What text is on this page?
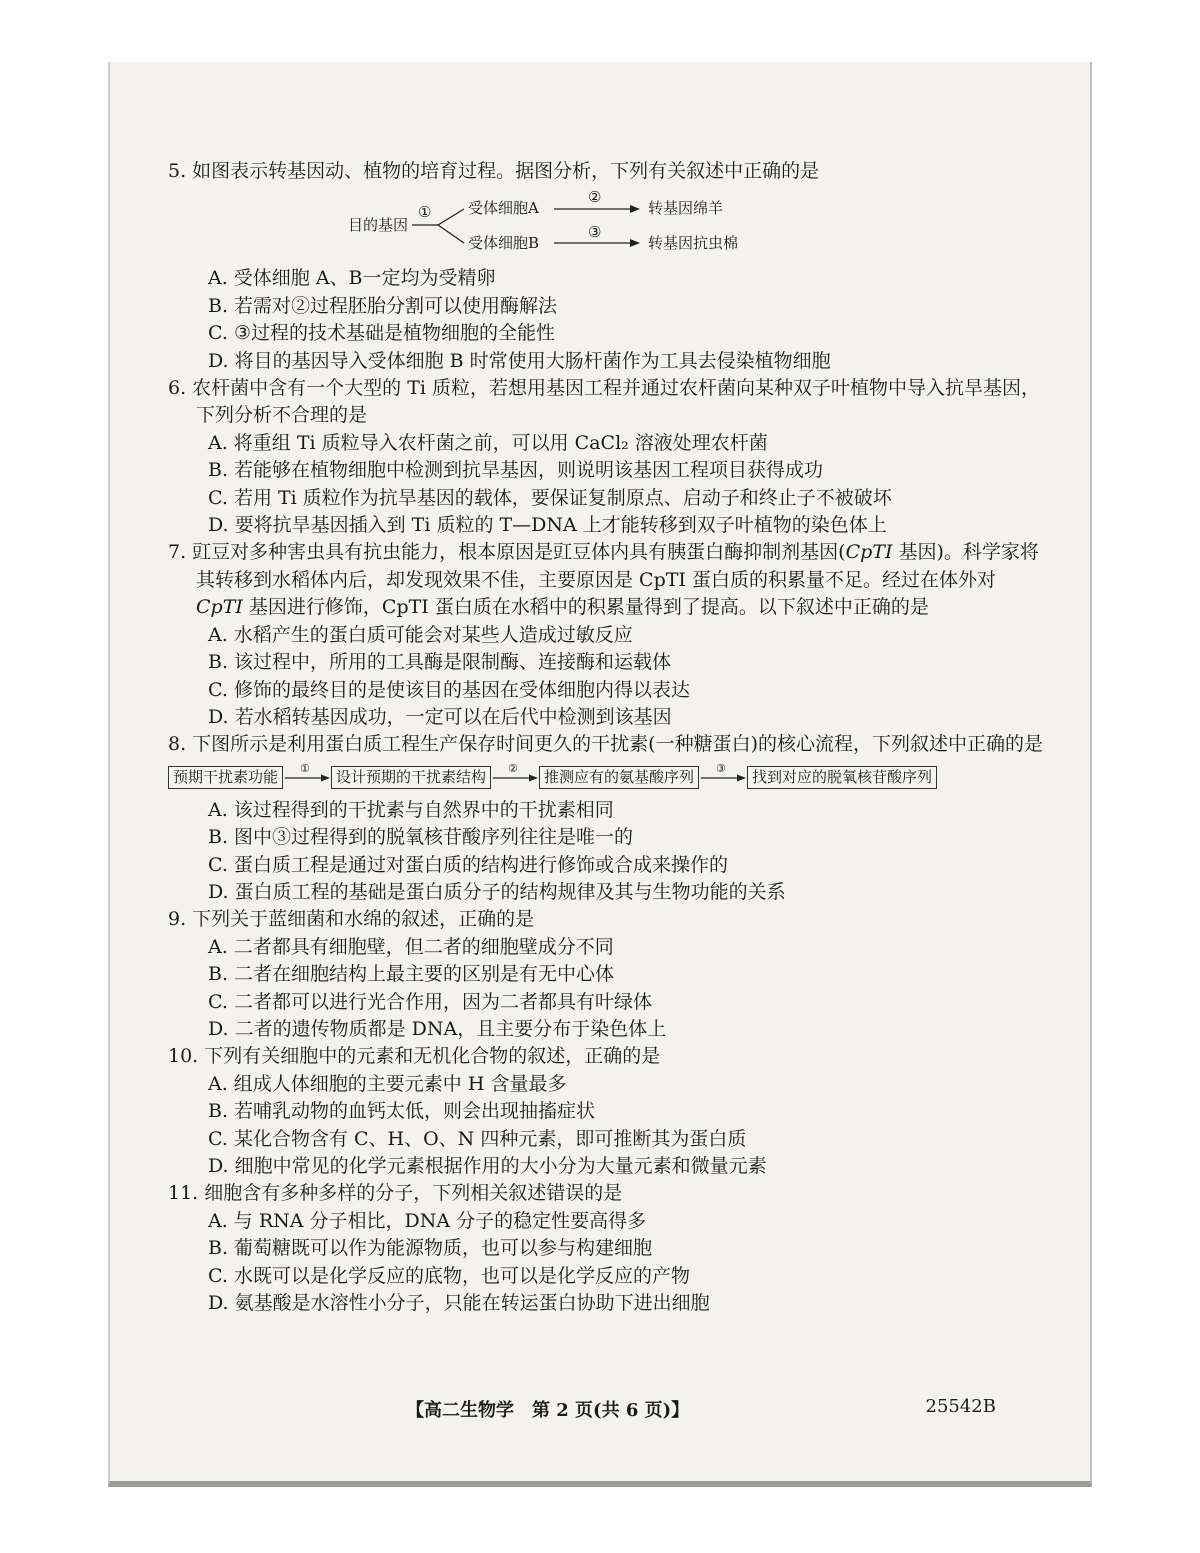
5. 如图表示转基因动、植物的培育过程。据图分析，下列有关叙述中正确的是

目的基因
① 受体细胞A
②
转基因绵羊
受体细胞B
③
转基因抗虫棉

A. 受体细胞 A、B一定均为受精卵

B. 若需对②过程胚胎分割可以使用酶解法

C. ③过程的技术基础是植物细胞的全能性

D. 将目的基因导入受体细胞 B 时常使用大肠杆菌作为工具去侵染植物细胞

6. 农杆菌中含有一个大型的 Ti 质粒，若想用基因工程并通过农杆菌向某种双子叶植物中导入抗旱基因，下列分析不合理的是

A. 将重组 Ti 质粒导入农杆菌之前，可以用 CaCl₂ 溶液处理农杆菌

B. 若能够在植物细胞中检测到抗旱基因，则说明该基因工程项目获得成功

C. 若用 Ti 质粒作为抗旱基因的载体，要保证复制原点、启动子和终止子不被破坏

D. 要将抗旱基因插入到 Ti 质粒的 T—DNA 上才能转移到双子叶植物的染色体上

7. 豇豆对多种害虫具有抗虫能力，根本原因是豇豆体内具有胰蛋白酶抑制剂基因(CpTI 基因)。科学家将其转移到水稻体内后，却发现效果不佳，主要原因是 CpTI 蛋白质的积累量不足。经过在体外对 CpTI 基因进行修饰，CpTI 蛋白质在水稻中的积累量得到了提高。以下叙述中正确的是

A. 水稻产生的蛋白质可能会对某些人造成过敏反应

B. 该过程中，所用的工具酶是限制酶、连接酶和运载体

C. 修饰的最终目的是使该目的基因在受体细胞内得以表达

D. 若水稻转基因成功，一定可以在后代中检测到该基因

8. 下图所示是利用蛋白质工程生产保存时间更久的干扰素(一种糖蛋白)的核心流程，下列叙述中正确的是

预期干扰素功能	①	设计预期的干扰素结构	②	推测应有的氨基酸序列	③	找到对应的脱氧核苷酸序列

A. 该过程得到的干扰素与自然界中的干扰素相同

B. 图中③过程得到的脱氧核苷酸序列往往是唯一的

C. 蛋白质工程是通过对蛋白质的结构进行修饰或合成来操作的

D. 蛋白质工程的基础是蛋白质分子的结构规律及其与生物功能的关系

9. 下列关于蓝细菌和水绵的叙述，正确的是

A. 二者都具有细胞壁，但二者的细胞壁成分不同

B. 二者在细胞结构上最主要的区别是有无中心体

C. 二者都可以进行光合作用，因为二者都具有叶绿体

D. 二者的遗传物质都是 DNA，且主要分布于染色体上

10. 下列有关细胞中的元素和无机化合物的叙述，正确的是

A. 组成人体细胞的主要元素中 H 含量最多

B. 若哺乳动物的血钙太低，则会出现抽搐症状

C. 某化合物含有 C、H、O、N 四种元素，即可推断其为蛋白质

D. 细胞中常见的化学元素根据作用的大小分为大量元素和微量元素

11. 细胞含有多种多样的分子，下列相关叙述错误的是

A. 与 RNA 分子相比，DNA 分子的稳定性要高得多

B. 葡萄糖既可以作为能源物质，也可以参与构建细胞

C. 水既可以是化学反应的底物，也可以是化学反应的产物

D. 氨基酸是水溶性小分子，只能在转运蛋白协助下进出细胞

【高二生物学　第 2 页(共 6 页)】	25542B
